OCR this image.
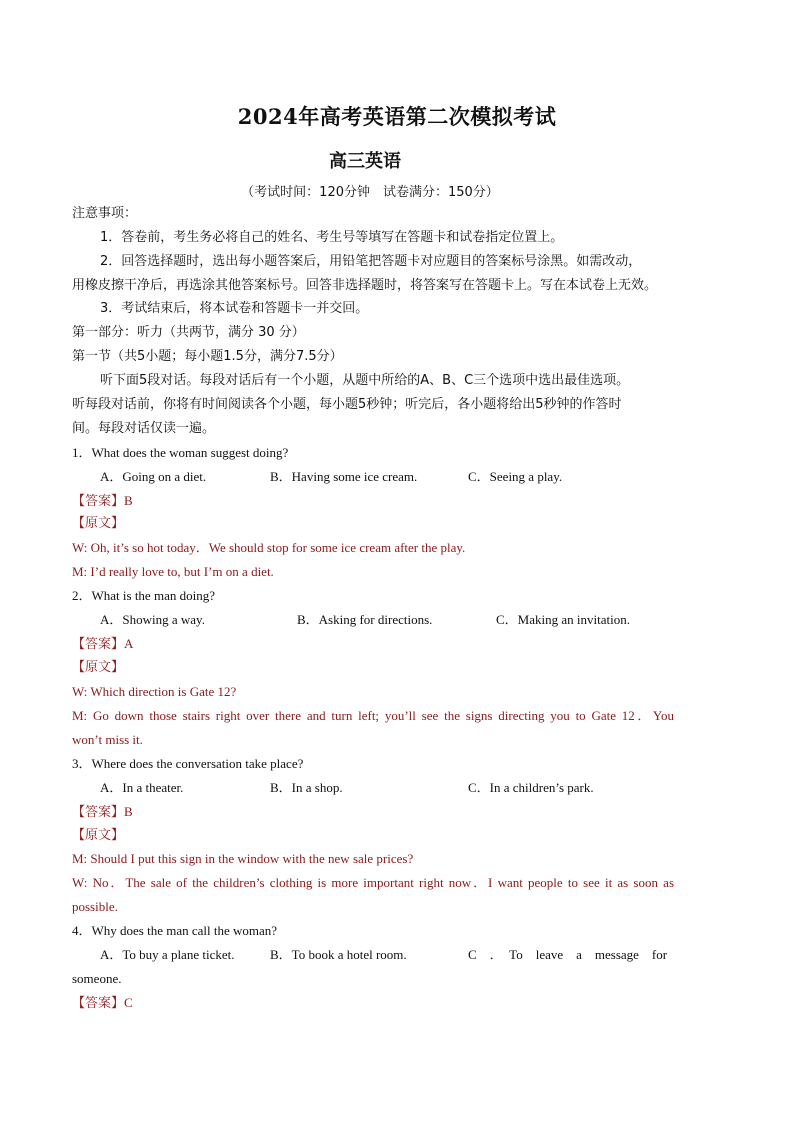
2024年高考英语第二次模拟考试
高三英语
（考试时间：120分钟　试卷满分：150分）
注意事项：
1．答卷前，考生务必将自己的姓名、考生号等填写在答题卡和试卷指定位置上。
2．回答选择题时，选出每小题答案后，用铅笔把答题卡对应题目的答案标号涂黑。如需改动，
用橡皮擦干净后，再选涂其他答案标号。回答非选择题时，将答案写在答题卡上。写在本试卷上无效。
3．考试结束后，将本试卷和答题卡一并交回。
第一部分：听力（共两节，满分 30 分）
第一节（共5小题；每小题1.5分，满分7.5分）
听下面5段对话。每段对话后有一个小题，从题中所给的A、B、C三个选项中选出最佳选项。
听每段对话前，你将有时间阅读各个小题，每小题5秒钟；听完后，各小题将给出5秒钟的作答时
间。每段对话仅读一遍。
1．What does the woman suggest doing?
A．Going on a diet.	B．Having some ice cream.	C．Seeing a play.
【答案】B
【原文】
W: Oh, it’s so hot today．We should stop for some ice cream after the play.
M: I’d really love to, but I’m on a diet.
2．What is the man doing?
A．Showing a way.	B．Asking for directions.	C．Making an invitation.
【答案】A
【原文】
W: Which direction is Gate 12?
M: Go down those stairs right over there and turn left; you’ll see the signs directing you to Gate 12．You
won’t miss it.
3．Where does the conversation take place?
A．In a theater.	B．In a shop.	C．In a children’s park.
【答案】B
【原文】
M: Should I put this sign in the window with the new sale prices?
W: No．The sale of the children’s clothing is more important right now．I want people to see it as soon as
possible.
4．Why does the man call the woman?
A．To buy a plane ticket.	B．To book a hotel room.	C　．　To　leave　a　message　for
someone.
【答案】C
